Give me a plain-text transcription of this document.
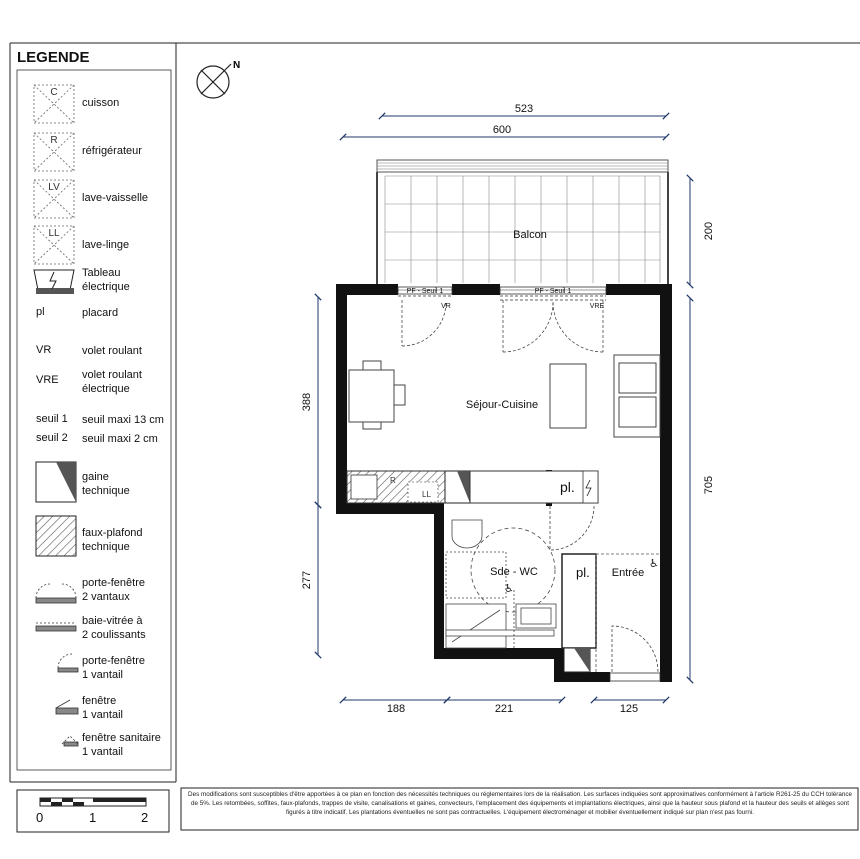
C
R
LV
LL
N
523
600
200
705
388
277
188	221	125
PF - Seuil 1	PF - Seuil 1
VR	VRE
R
LL	pl.
pl.
♿
♿
Balcon
Séjour-Cuisine
Sde - WC	Entrée
LEGENDE
cuisson
réfrigérateur
lave-vaisselle
lave-linge
Tableau
électrique
pl	placard
VR	volet roulant
VRE volet roulant
électrique
seuil 1 seuil maxi 13 cm
seuil 2 seuil maxi 2 cm
gaine
technique
faux-plafond
technique
porte-fenêtre
2 vantaux
baie-vitrée à
2 coulissants
porte-fenêtre
1 vantail
fenêtre
1 vantail
fenêtre sanitaire
1 vantail
0	1	2
Des modifications sont susceptibles d'être apportées à ce plan en fonction des nécessités techniques ou réglementaires lors de la réalisation. Les surfaces indiquées sont approximatives conformément à l'article R261-25 du CCH tolérance de 5%. Les retombées, soffites, faux-plafonds, trappes de visite, canalisations et gaines, convecteurs, l'emplacement des équipements et implantations électriques, ainsi que la hauteur sous plafond et la hauteur des seuils et allèges sont figurés à titre indicatif. Les plantations éventuelles ne sont pas contractuelles. L'équipement électroménager et mobilier éventuellement indiqué sur plan n'est pas fourni.
